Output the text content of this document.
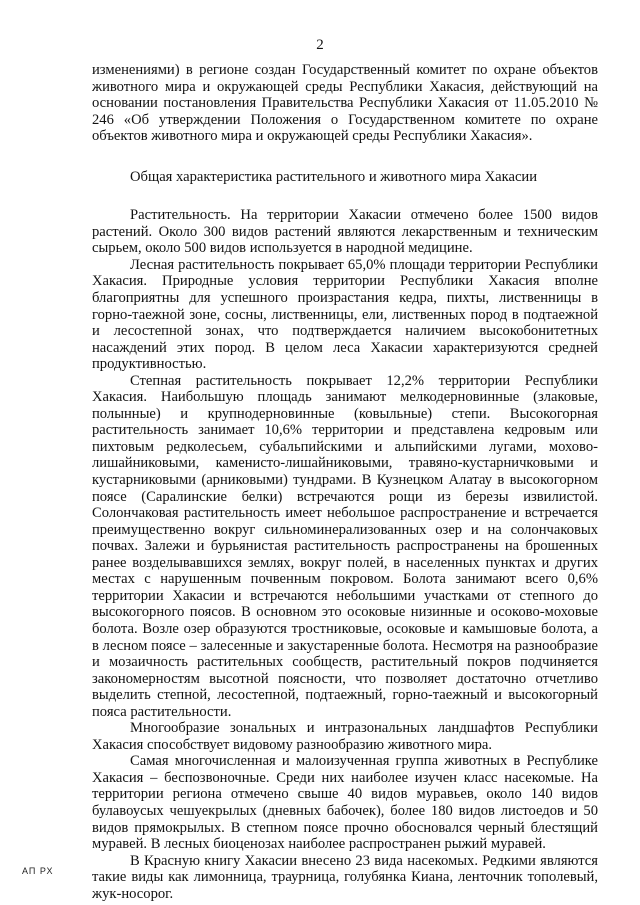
2

изменениями) в регионе создан Государственный комитет по охране объектов животного мира и окружающей среды Республики Хакасия, действующий на основании постановления Правительства Республики Хакасия от 11.05.2010 № 246 «Об утверждении Положения о Государственном комитете по охране объектов животного мира и окружающей среды Республики Хакасия».

Общая характеристика растительного и животного мира Хакасии

Растительность. На территории Хакасии отмечено более 1500 видов растений. Около 300 видов растений являются лекарственным и техническим сырьем, около 500 видов используется в народной медицине.

Лесная растительность покрывает 65,0% площади территории Республики Хакасия. Природные условия территории Республики Хакасия вполне благоприятны для успешного произрастания кедра, пихты, лиственницы в горно-таежной зоне, сосны, лиственницы, ели, лиственных пород в подтаежной и лесостепной зонах, что подтверждается наличием высокобонитетных насаждений этих пород. В целом леса Хакасии характеризуются средней продуктивностью.

Степная растительность покрывает 12,2% территории Республики Хакасия. Наибольшую площадь занимают мелкодерновинные (злаковые, полынные) и крупнодерновинные (ковыльные) степи. Высокогорная растительность занимает 10,6% территории и представлена кедровым или пихтовым редколесьем, субальпийскими и альпийскими лугами, мохово-лишайниковыми, каменисто-лишайниковыми, травяно-кустарничковыми и кустарниковыми (арниковыми) тундрами. В Кузнецком Алатау в высокогорном поясе (Саралинские белки) встречаются рощи из березы извилистой. Солончаковая растительность имеет небольшое распространение и встречается преимущественно вокруг сильноминерализованных озер и на солончаковых почвах. Залежи и бурьянистая растительность распространены на брошенных ранее возделывавшихся землях, вокруг полей, в населенных пунктах и других местах с нарушенным почвенным покровом. Болота занимают всего 0,6% территории Хакасии и встречаются небольшими участками от степного до высокогорного поясов. В основном это осоковые низинные и осоково-моховые болота. Возле озер образуются тростниковые, осоковые и камышовые болота, а в лесном поясе – залесенные и закустаренные болота. Несмотря на разнообразие и мозаичность растительных сообществ, растительный покров подчиняется закономерностям высотной поясности, что позволяет достаточно отчетливо выделить степной, лесостепной, подтаежный, горно-таежный и высокогорный пояса растительности.

Многообразие зональных и интразональных ландшафтов Республики Хакасия способствует видовому разнообразию животного мира.

Самая многочисленная и малоизученная группа животных в Республике Хакасия – беспозвоночные. Среди них наиболее изучен класс насекомые. На территории региона отмечено свыше 40 видов муравьев, около 140 видов булавоусых чешуекрылых (дневных бабочек), более 180 видов листоедов и 50 видов прямокрылых. В степном поясе прочно обосновался черный блестящий муравей. В лесных биоценозах наиболее распространен рыжий муравей.

В Красную книгу Хакасии внесено 23 вида насекомых. Редкими являются такие виды как лимонница, траурница, голубянка Киана, ленточник тополевый, жук-носорог.

АП РХ
